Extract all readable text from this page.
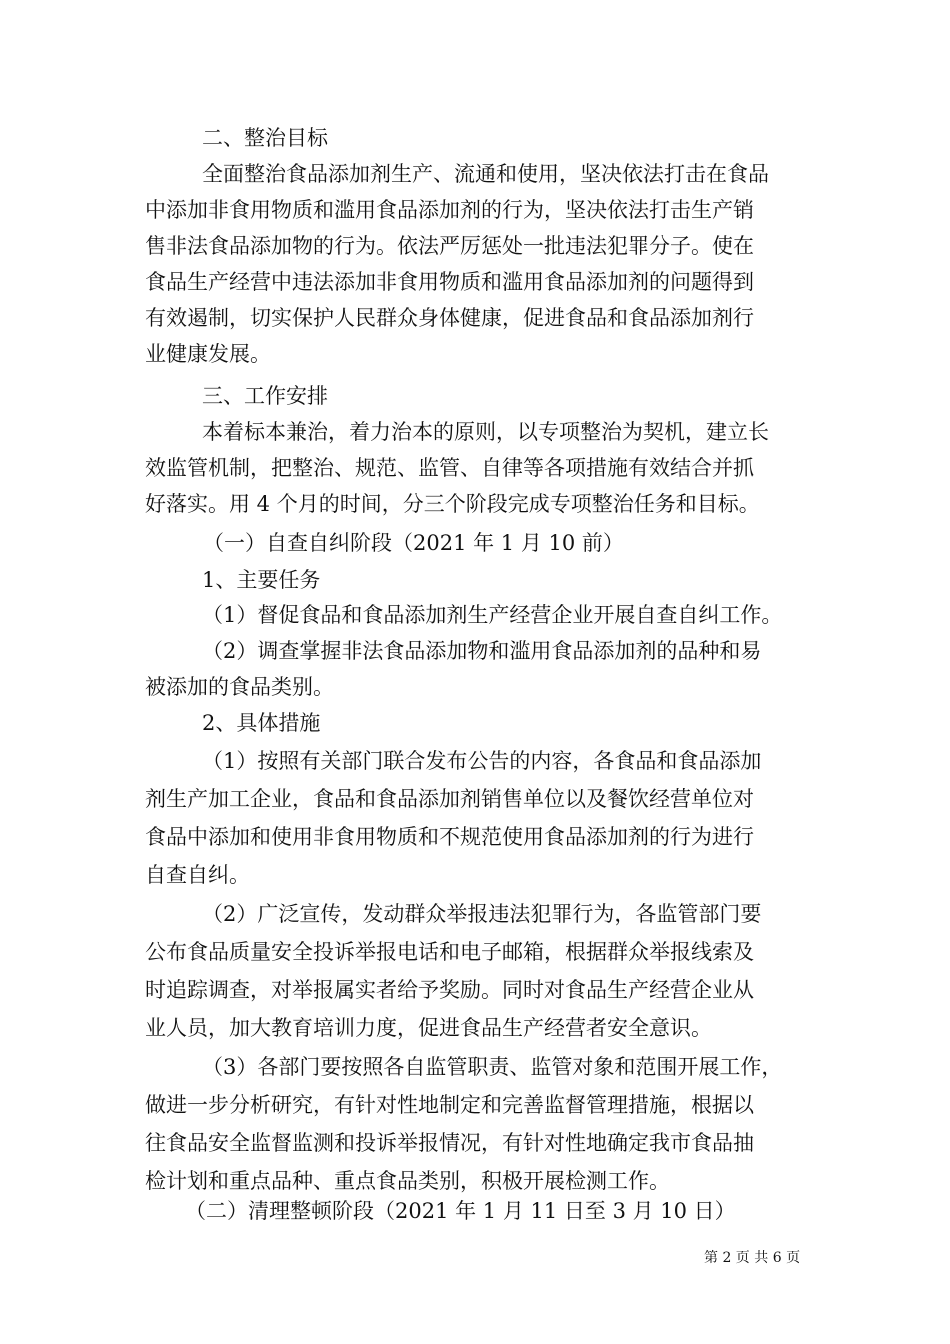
二、整治目标
全面整治食品添加剂生产、流通和使用，坚决依法打击在食品
中添加非食用物质和滥用食品添加剂的行为，坚决依法打击生产销
售非法食品添加物的行为。依法严厉惩处一批违法犯罪分子。使在
食品生产经营中违法添加非食用物质和滥用食品添加剂的问题得到
有效遏制，切实保护人民群众身体健康，促进食品和食品添加剂行
业健康发展。
三、工作安排
本着标本兼治，着力治本的原则，以专项整治为契机，建立长
效监管机制，把整治、规范、监管、自律等各项措施有效结合并抓
好落实。用 4 个月的时间，分三个阶段完成专项整治任务和目标。
（一）自查自纠阶段（2021 年 1 月 10 前）
1、主要任务
（1）督促食品和食品添加剂生产经营企业开展自查自纠工作。
（2）调查掌握非法食品添加物和滥用食品添加剂的品种和易
被添加的食品类别。
2、具体措施
（1）按照有关部门联合发布公告的内容，各食品和食品添加
剂生产加工企业，食品和食品添加剂销售单位以及餐饮经营单位对
食品中添加和使用非食用物质和不规范使用食品添加剂的行为进行
自查自纠。
（2）广泛宣传，发动群众举报违法犯罪行为，各监管部门要
公布食品质量安全投诉举报电话和电子邮箱，根据群众举报线索及
时追踪调查，对举报属实者给予奖励。同时对食品生产经营企业从
业人员，加大教育培训力度，促进食品生产经营者安全意识。
（3）各部门要按照各自监管职责、监管对象和范围开展工作，
做进一步分析研究，有针对性地制定和完善监督管理措施，根据以
往食品安全监督监测和投诉举报情况，有针对性地确定我市食品抽
检计划和重点品种、重点食品类别，积极开展检测工作。
（二）清理整顿阶段（2021 年 1 月 11 日至 3 月 10 日）
第 2 页 共 6 页
